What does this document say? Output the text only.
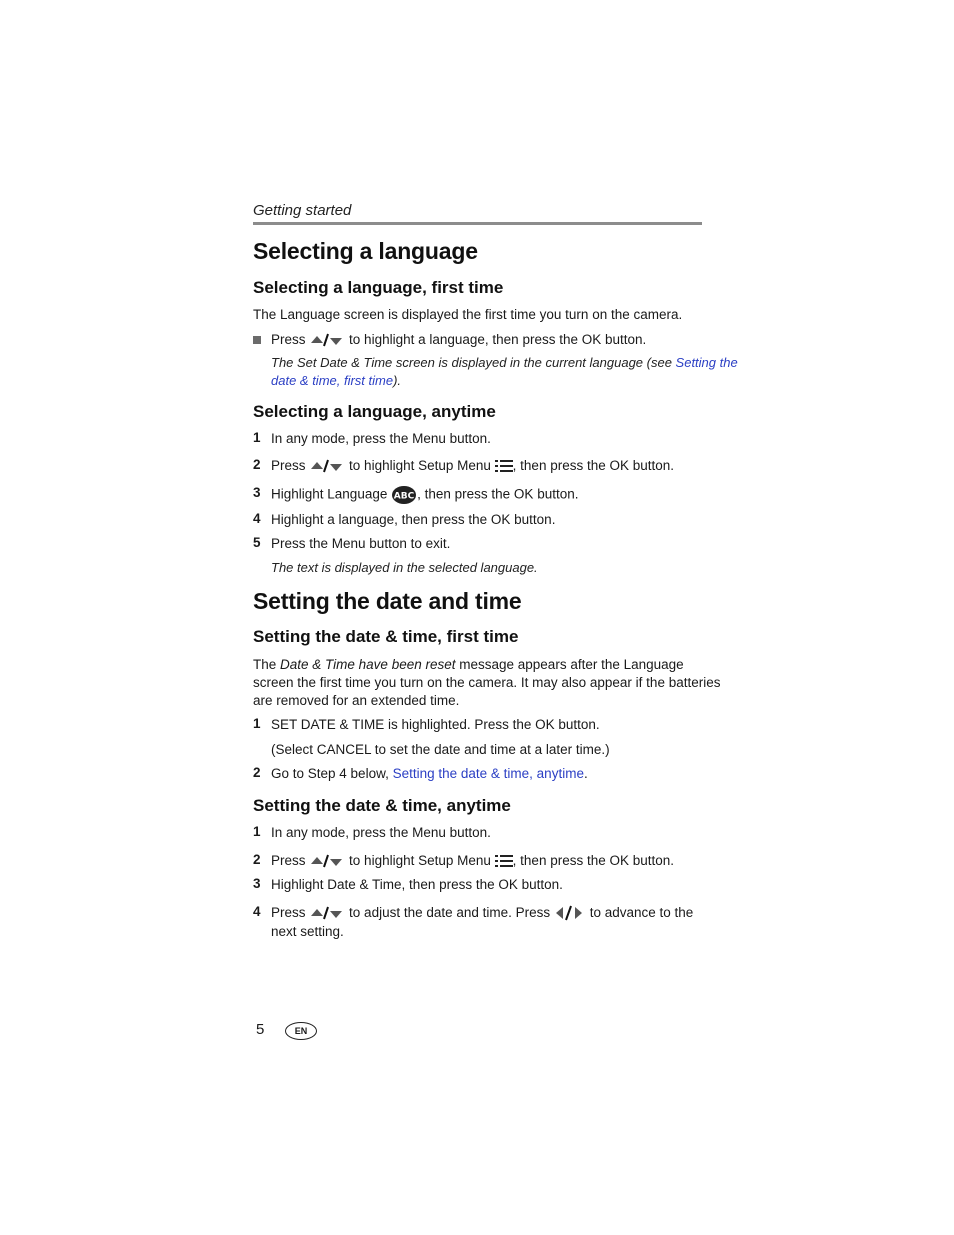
Getting started
Selecting a language
Selecting a language, first time
The Language screen is displayed the first time you turn on the camera.
Press	to highlight a language, then press the OK button.
The Set Date & Time screen is displayed in the current language (see Setting the
date & time, first time).
Selecting a language, anytime
1 In any mode, press the Menu button.
2 Press	to highlight Setup Menu , then press the OK button.
3 Highlight Language ABC , then press the OK button.
4 Highlight a language, then press the OK button.
5 Press the Menu button to exit.
The text is displayed in the selected language.
Setting the date and time
Setting the date & time, first time
The Date & Time have been reset message appears after the Language
screen the first time you turn on the camera. It may also appear if the batteries
are removed for an extended time.
1 SET DATE & TIME is highlighted. Press the OK button.
(Select CANCEL to set the date and time at a later time.)
2 Go to Step 4 below, Setting the date & time, anytime.
Setting the date & time, anytime
1 In any mode, press the Menu button.
2 Press	to highlight Setup Menu , then press the OK button.
3 Highlight Date & Time, then press the OK button.
4 Press	to adjust the date and time. Press	to advance to the
next setting.
5	EN
